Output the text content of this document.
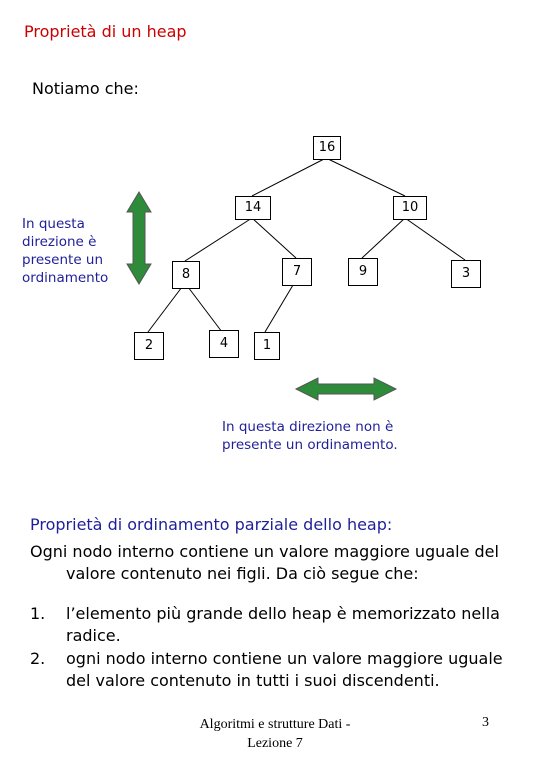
Proprietà di un heap
Notiamo che:
16
14	10
8	7	9	3
2	4	1
In questa direzione è presente un ordinamento
In questa direzione non è presente un ordinamento.
Proprietà di ordinamento parziale dello heap:
Ogni nodo interno contiene un valore maggiore uguale del
valore contenuto nei figli. Da ciò segue che:
1. l’elemento più grande dello heap è memorizzato nella radice.
2. ogni nodo interno contiene un valore maggiore uguale del valore contenuto in tutti i suoi discendenti.
Algoritmi e strutture Dati - Lezione 7
3
